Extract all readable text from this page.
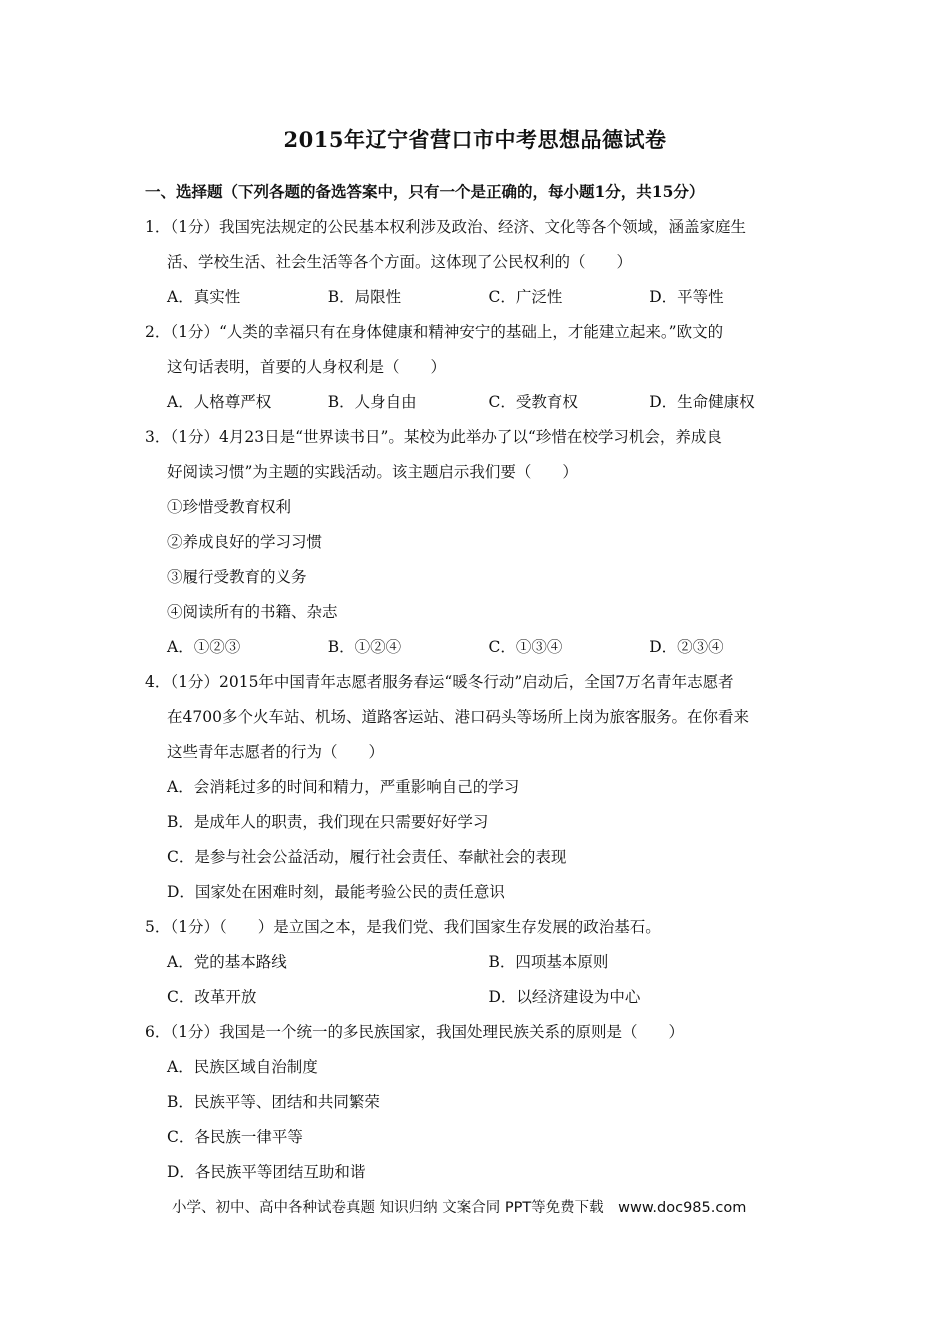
2015年辽宁省营口市中考思想品德试卷
一、选择题（下列各题的备选答案中，只有一个是正确的，每小题1分，共15分）
1．（1分）我国宪法规定的公民基本权利涉及政治、经济、文化等各个领域，涵盖家庭生
活、学校生活、社会生活等各个方面。这体现了公民权利的（　　）
A．真实性	B．局限性	C．广泛性	D．平等性
2．（1分）“人类的幸福只有在身体健康和精神安宁的基础上，才能建立起来。”欧文的
这句话表明，首要的人身权利是（　　）
A．人格尊严权	B．人身自由	C．受教育权	D．生命健康权
3．（1分）4月23日是“世界读书日”。某校为此举办了以“珍惜在校学习机会，养成良
好阅读习惯”为主题的实践活动。该主题启示我们要（　　）
①珍惜受教育权利
②养成良好的学习习惯
③履行受教育的义务
④阅读所有的书籍、杂志
A．①②③	B．①②④	C．①③④	D．②③④
4．（1分）2015年中国青年志愿者服务春运“暖冬行动”启动后，全国7万名青年志愿者
在4700多个火车站、机场、道路客运站、港口码头等场所上岗为旅客服务。在你看来
这些青年志愿者的行为（　　）
A．会消耗过多的时间和精力，严重影响自己的学习
B．是成年人的职责，我们现在只需要好好学习
C．是参与社会公益活动，履行社会责任、奉献社会的表现
D．国家处在困难时刻，最能考验公民的责任意识
5．（1分）（　　）是立国之本，是我们党、我们国家生存发展的政治基石。
A．党的基本路线	B．四项基本原则
C．改革开放	D．以经济建设为中心
6．（1分）我国是一个统一的多民族国家，我国处理民族关系的原则是（　　）
A．民族区域自治制度
B．民族平等、团结和共同繁荣
C．各民族一律平等
D．各民族平等团结互助和谐
小学、初中、高中各种试卷真题 知识归纳 文案合同 PPT等免费下载　www.doc985.com
